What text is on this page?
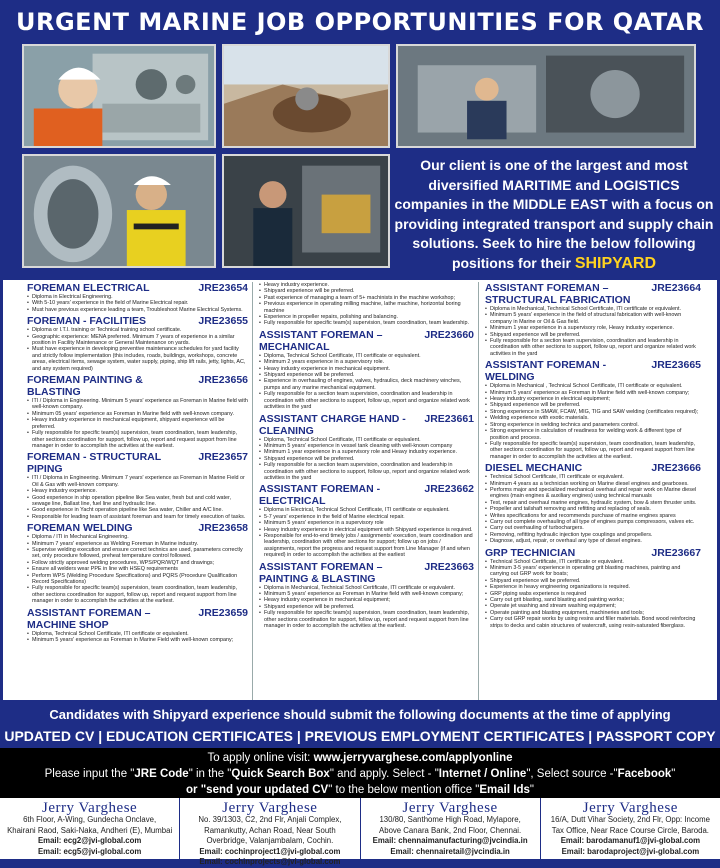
URGENT MARINE JOB OPPORTUNITIES FOR QATAR
Our client is one of the largest and most diversified MARITIME and LOGISTICS companies in the MIDDLE EAST with a focus on providing integrated transport and supply chain solutions. Seek to hire the below following positions for their SHIPYARD
FOREMAN ELECTRICAL	JRE23654
• Diploma in Electrical Engineering.
• With 5-10 years' experience in the field of Marine Electrical repair.
• Must have previous experience leading a team, Troubleshoot Marine Electrical Systems.
FOREMAN - FACILITIES	JRE23655
• Diploma or I.T.I. training or Technical training school certificate.
• Geographic experience: MENA preferred. Minimum 7 years of experience in a similar position in Facility Maintenance or General Maintenance on yards.
• Must have experience in developing preventive maintenance schedules for yard facility and strictly follow implementation (this includes, roads, buildings, workshops, concrete areas, electrical items, sewage system, water supply, piping, ship lift rails, jetty, lights, AC, and any system required)
FOREMAN PAINTING & BLASTING
JRE23656
• ITI / Diploma in Engineering. Minimum 5 years' experience as Foreman in Marine field with well-known company.
• Minimum 05 years' experience as Foreman in Marine field with well-known company.
• Heavy industry experience in mechanical equipment, shipyard experience will be preferred.
• Fully responsible for specific team(s) supervision, team coordination, team leadership, other sections coordination for support, follow up, report and request support from line manager in order to accomplish the activities at the earliest.
FOREMAN - STRUCTURAL PIPING
JRE23657
• ITI / Diploma in Engineering. Minimum 7 years' experience as Foreman in Marine Field or Oil & Gas with well-known company.
• Heavy industry experience.
• Good experience in ship operation pipeline like Sea water, fresh but and cold water, sewage line, Ballast line, fuel line and hydraulic line.
• Good experience in Yacht operation pipeline like Sea water, Chiller and A/C line.
• Responsible for leading team of assistant foreman and team for timely execution of tasks.
FOREMAN WELDING	JRE23658
• Diploma / ITI in Mechanical Engineering.
• Minimum 7 years' experience as Welding Foreman in Marine industry.
• Supervise welding execution and ensure correct technics are used, parameters correctly set, only procedure followed, preheat temperature control followed.
• Follow strictly approved welding procedures, WPS/PQR/WQT and drawings;
• Ensure all welders wear PPE in line with HSEQ requirements
• Perform WPS (Welding Procedure Specifications) and PQRS (Procedure Qualification Record Specifications)
• Fully responsible for specific team(s) supervision, team coordination, team leadership, other sections coordination for support, follow up, report and request support from line manager in order to accomplish the activities at the earliest.
ASSISTANT FOREMAN – MACHINE SHOP
JRE23659
• Diploma, Technical School Certificate, ITI certificate or equivalent.
• Minimum 5 years' experience as Foreman in Marine Field with well-known company;
• Heavy industry experience.
• Shipyard experience will be preferred.
• Past experience of managing a team of 5+ machinists in the machine workshop;
• Previous experience in operating milling machine, lathe machine, horizontal boring machine
• Experience in propeller repairs, polishing and balancing.
• Fully responsible for specific team(s) supervision, team coordination, team leadership.
ASSISTANT FOREMAN – MECHANICAL
JRE23660
• Diploma, Technical School Certificate, ITI certificate or equivalent.
• Minimum 2 years experience in a supervisory role.
• Heavy industry experience in mechanical equipment.
• Shipyard experience will be preferred.
• Experience in overhauling of engines, valves, hydraulics, deck machinery winches, pumps and any marine mechanical equipment.
• Fully responsible for a section team supervision, coordination and leadership in coordination with other sections to support, follow up, report and organize related work activities in the yard
ASSISTANT CHARGE HAND - CLEANING
JRE23661
• Diploma, Technical School Certificate, ITI certificate or equivalent.
• Minimum 5 years' experience in vessel tank cleaning with well-known company
• Minimum 1 year experience in a supervisory role and Heavy industry experience.
• Shipyard experience will be preferred.
• Fully responsible for a section team supervision, coordination and leadership in coordination with other sections to support, follow up, report and organize related work activities in the yard
ASSISTANT FOREMAN - ELECTRICAL
JRE23662
• Diploma in Electrical, Technical School Certificate, ITI certificate or equivalent.
• 5-7 years' experience in the field of Marine electrical repair.
• Minimum 5 years' experience in a supervisory role
• Heavy industry experience in electrical equipment with Shipyard experience is required.
• Responsible for end-to-end timely jobs / assignments' execution, team coordination and leadership, coordination with other sections for support; follow up on jobs / assignments, report the progress and request support from Line Manager (if and when required) in order to accomplish the activities at the earliest
ASSISTANT FOREMAN – PAINTING & BLASTING
JRE23663
• Diploma in Mechanical, Technical School Certificate, ITI certificate or equivalent.
• Minimum 5 years' experience as Foreman in Marine field with well-known company;
• Heavy industry experience in mechanical equipment;
• Shipyard experience will be preferred.
• Fully responsible for specific team(s) supervision, team coordination, team leadership, other sections coordination for support, follow up, report and request support from line manager in order to accomplish the activities at the earliest.
ASSISTANT FOREMAN – STRUCTURAL FABRICATION
JRE23664
• Diploma in Mechanical, Technical School Certificate, ITI certificate or equivalent.
• Minimum 5 years' experience in the field of structural fabrication with well-known company in Marine or Oil & Gas field.
• Minimum 1 year experience in a supervisory role, Heavy industry experience.
• Shipyard experience will be preferred.
• Fully responsible for a section team supervision, coordination and leadership in coordination with other sections to support, follow up, report and organize related work activities in the yard
ASSISTANT FOREMAN - WELDING
JRE23665
• Diploma in Mechanical , Technical School Certificate, ITI certificate or equivalent.
• Minimum 5 years' experience as Foreman in Marine field with well-known company;
• Heavy industry experience in electrical equipment;
• Shipyard experience will be preferred.
• Strong experience in SMAW, FCAW, MIG, TIG and SAW welding (certificates required);
• Welding experience with exotic materials.
• Strong experience in welding technics and parameters control.
• Strong experience in calculation of readiness for welding work & different type of position and process.
• Fully responsible for specific team(s) supervision, team coordination, team leadership, other sections coordination for support, follow up, report and request support from line manager in order to accomplish the activities at the earliest.
DIESEL MECHANIC	JRE23666
• Technical School Certificate, ITI certificate or equivalent.
• Minimum 4 years as a technician working on Marine diesel engines and gearboxes.
• Performs major and specialized mechanical overhaul and repair work on Marine diesel engines (main engines & auxiliary engines) using technical manuals
• Test, repair and overhaul marine engines, hydraulic system, bow & stern thruster units.
• Propeller and tailshaft removing and refitting and replacing of seals.
• Writes specifications for and recommends purchase of marine engines spares
• Carry out complete overhauling of all type of engines pumps compressors, valves etc.
• Carry out overhauling of turbochargers.
• Removing, refitting hydraulic injection type couplings and propellers.
• Diagnose, adjust, repair, or overhaul any type of diesel engines.
GRP TECHNICIAN	JRE23667
• Technical School Certificate, ITI certificate or equivalent.
• Minimum 3-5 years' experience in operating grit blasting machines, painting and carrying out GRP work for boats;
• Shipyard experience will be preferred.
• Experience in heavy engineering organizations is required.
• GRP piping wabs experience is required
• Carry out grit blasting, sand blasting and painting works;
• Operate jet washing and stream washing equipment;
• Operate painting and blasting equipment, machineries and tools;
• Carry out GRP repair works by using resins and filler materials. Bond wood reinforcing strips to decks and cabin structures of watercraft, using resin-saturated fiberglass.
Candidates with Shipyard experience should submit the following documents at the time of applying
UPDATED CV | EDUCATION CERTIFICATES | PREVIOUS EMPLOYMENT CERTIFICATES | PASSPORT COPY
To apply online visit: www.jerryvarghese.com/applyonline
Please input the "JRE Code" in the "Quick Search Box" and apply. Select - "Internet / Online", Select source -"Facebook"
or "send your updated CV" to the below mention office "Email Ids"
Jerry Varghese
6th Floor, A-Wing, Gundecha Onclave,
Khairani Raod, Saki-Naka, Andheri (E), Mumbai
Email: ecg2@jvi-global.com
Email: ecg5@jvi-global.com
Jerry Varghese
No. 39/1303, C2, 2nd Flr, Anjali Complex,
Ramankutty, Achan Road, Near South
Overbridge, Valanjambalam, Cochin.
Email: cochinproject1@jvi-global.com
Email: cochinprojects@jvi-global.com
Jerry Varghese
130/80, Santhome High Road, Mylapore,
Above Canara Bank, 2nd Floor, Chennai.
Email: chennaimanufacturing@jvcindia.in
Email: chennairetail@jvcindia.in
Jerry Varghese
16/A, Dutt Vihar Society, 2nd Flr, Opp: Income
Tax Office, Near Race Course Circle, Baroda.
Email: barodamanuf1@jvi-global.com
Email: barodaproject@jvi-global.com
